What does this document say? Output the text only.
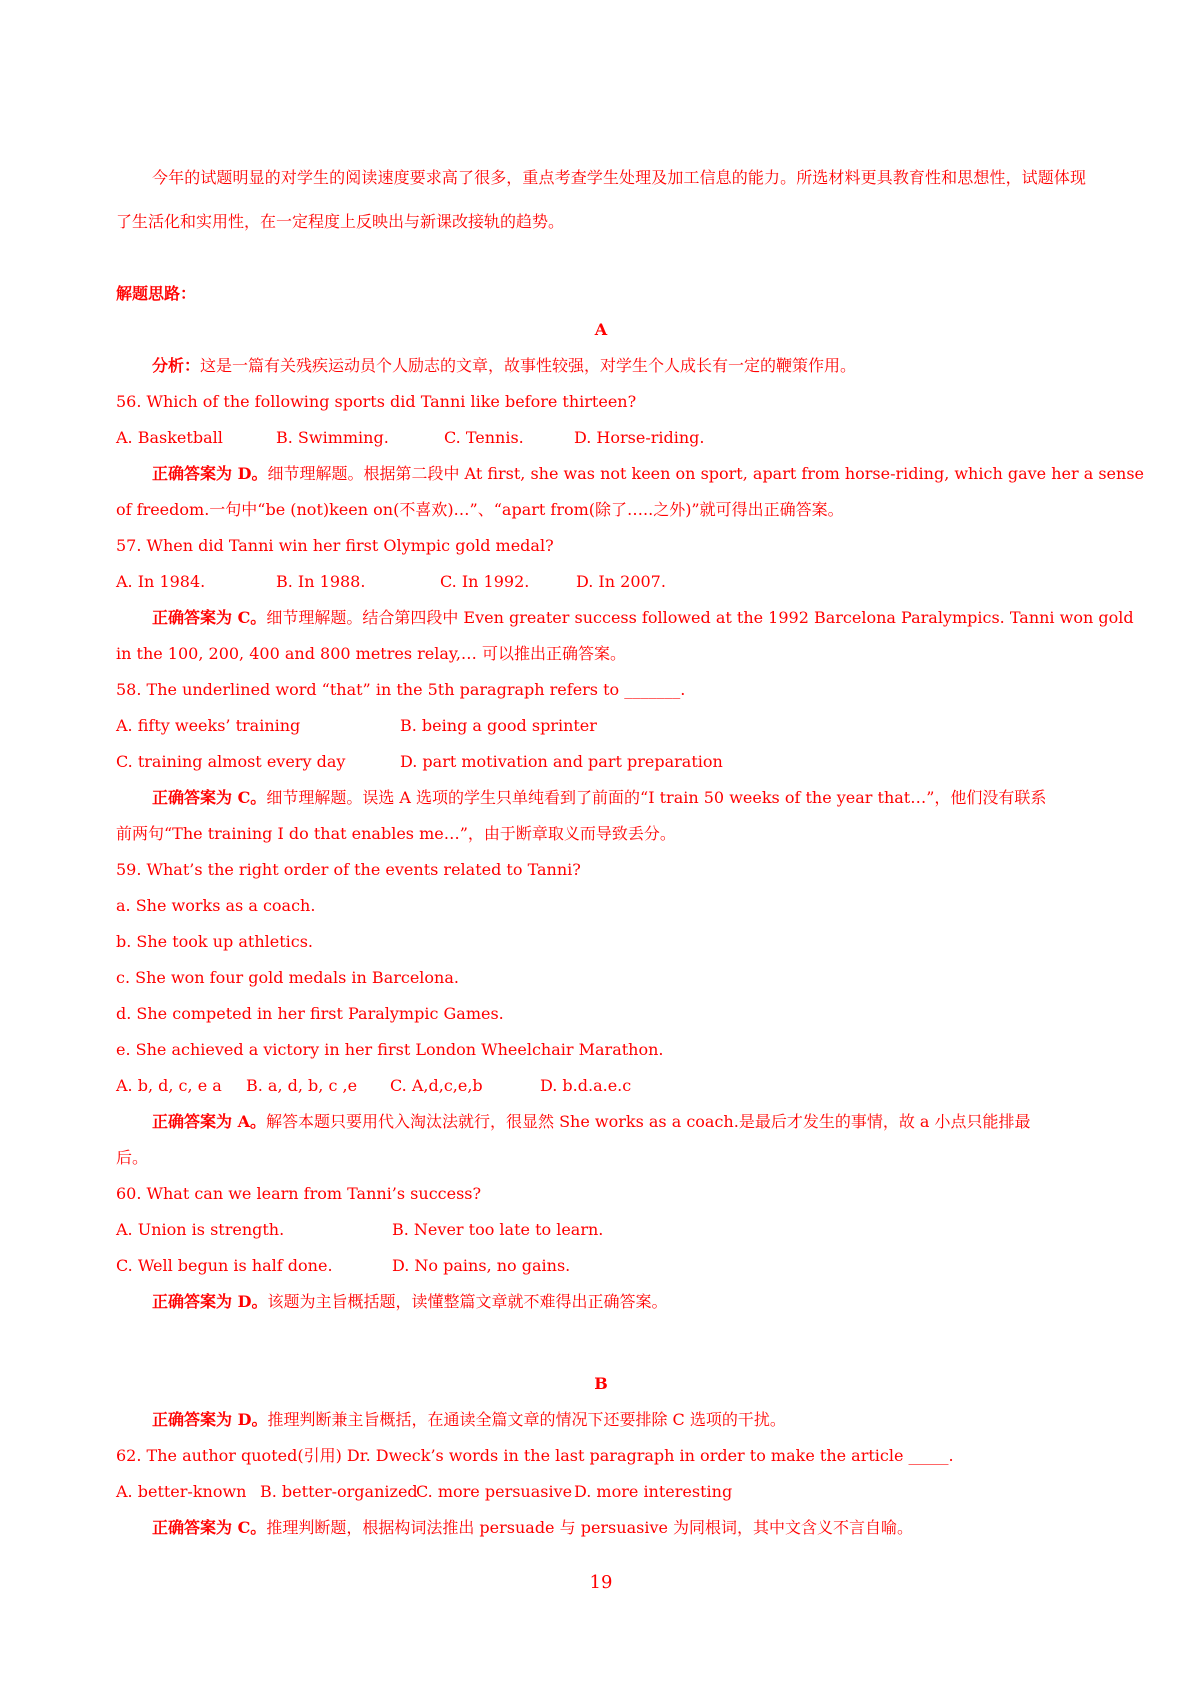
今年的试题明显的对学生的阅读速度要求高了很多，重点考查学生处理及加工信息的能力。所选材料更具教育性和思想性，试题体现了生活化和实用性，在一定程度上反映出与新课改接轨的趋势。
解题思路：
A
分析：这是一篇有关残疾运动员个人励志的文章，故事性较强，对学生个人成长有一定的鞭策作用。
56. Which of the following sports did Tanni like before thirteen?
A. Basketball	B. Swimming.	C. Tennis.	D. Horse-riding.
正确答案为 D。细节理解题。根据第二段中 At first, she was not keen on sport, apart from horse-riding, which gave her a sense
of freedom.一句中“be (not)keen on(不喜欢)…”、“apart from(除了…..之外)”就可得出正确答案。
57. When did Tanni win her first Olympic gold medal?
A. In 1984.	B. In 1988.	C. In 1992.	D. In 2007.
正确答案为 C。细节理解题。结合第四段中 Even greater success followed at the 1992 Barcelona Paralympics. Tanni won gold
in the 100, 200, 400 and 800 metres relay,… 可以推出正确答案。
58. The underlined word “that” in the 5th paragraph refers to _______.
A. fifty weeks’ training	B. being a good sprinter
C. training almost every day	D. part motivation and part preparation
正确答案为 C。细节理解题。误选 A 选项的学生只单纯看到了前面的“I train 50 weeks of the year that…”，他们没有联系
前两句“The training I do that enables me…”，由于断章取义而导致丢分。
59. What’s the right order of the events related to Tanni?
a. She works as a coach.
b. She took up athletics.
c. She won four gold medals in Barcelona.
d. She competed in her first Paralympic Games.
e. She achieved a victory in her first London Wheelchair Marathon.
A. b, d, c, e a B. a, d, b, c ,e C. A,d,c,e,b	D. b.d.a.e.c
正确答案为 A。解答本题只要用代入淘汰法就行，很显然 She works as a coach.是最后才发生的事情，故 a 小点只能排最
后。
60. What can we learn from Tanni’s success?
A. Union is strength.	B. Never too late to learn.
C. Well begun is half done.	D. No pains, no gains.
正确答案为 D。该题为主旨概括题，读懂整篇文章就不难得出正确答案。
B
正确答案为 D。推理判断兼主旨概括，在通读全篇文章的情况下还要排除 C 选项的干扰。
62. The author quoted(引用) Dr. Dweck’s words in the last paragraph in order to make the article _____.
A. better-known B. better-organized
C. more persuasive D. more interesting
正确答案为 C。推理判断题，根据构词法推出 persuade 与 persuasive 为同根词，其中文含义不言自喻。
19
